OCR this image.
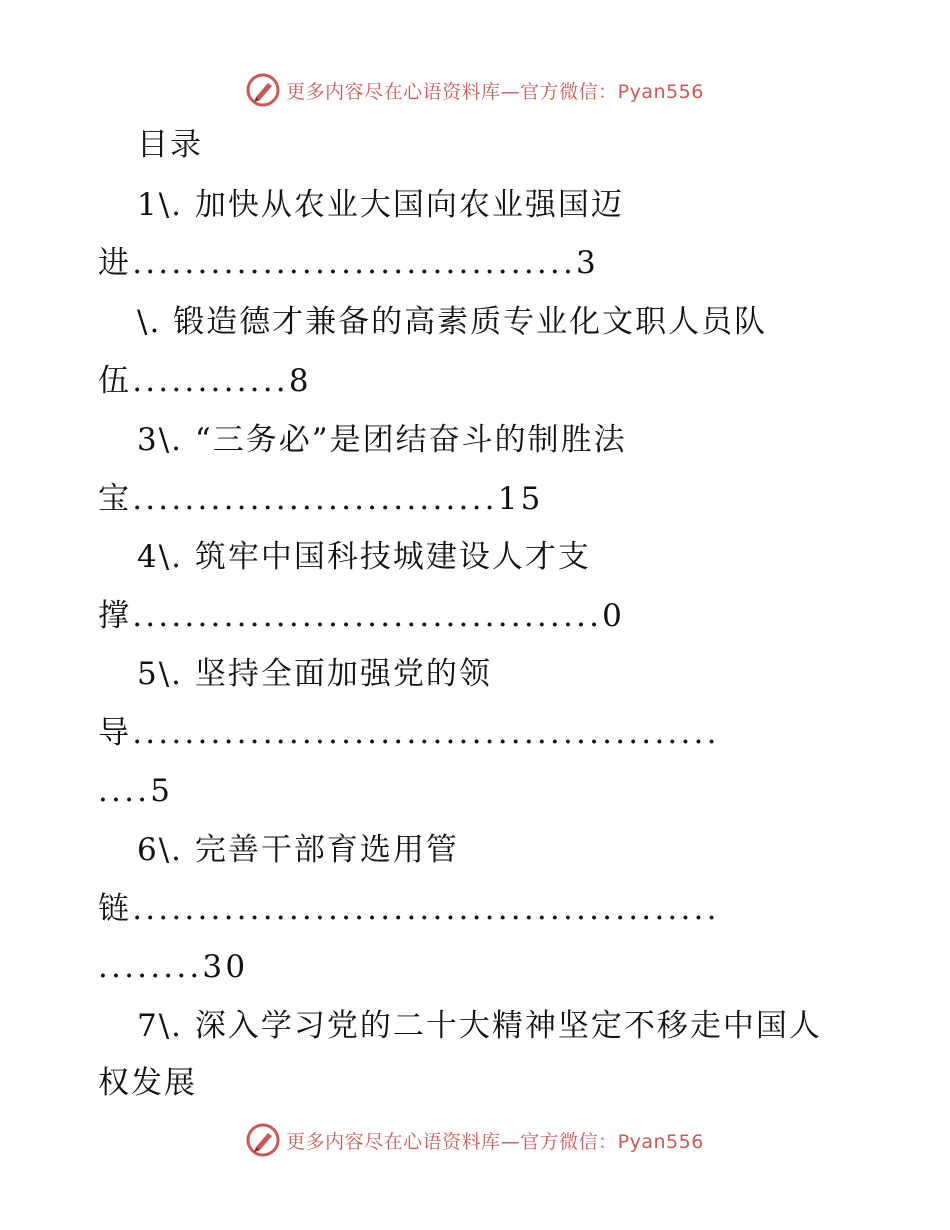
更多内容尽在心语资料库—官方微信：Pyan556
目录
1\. 加快从农业大国向农业强国迈
进..................................3
\. 锻造德才兼备的高素质专业化文职人员队
伍............8
3\. “三务必”是团结奋斗的制胜法
宝............................15
4\. 筑牢中国科技城建设人才支
撑....................................0
5\. 坚持全面加强党的领
导.............................................
....5
6\. 完善干部育选用管
链.............................................
........30
7\. 深入学习党的二十大精神坚定不移走中国人
权发展
更多内容尽在心语资料库—官方微信：Pyan556
